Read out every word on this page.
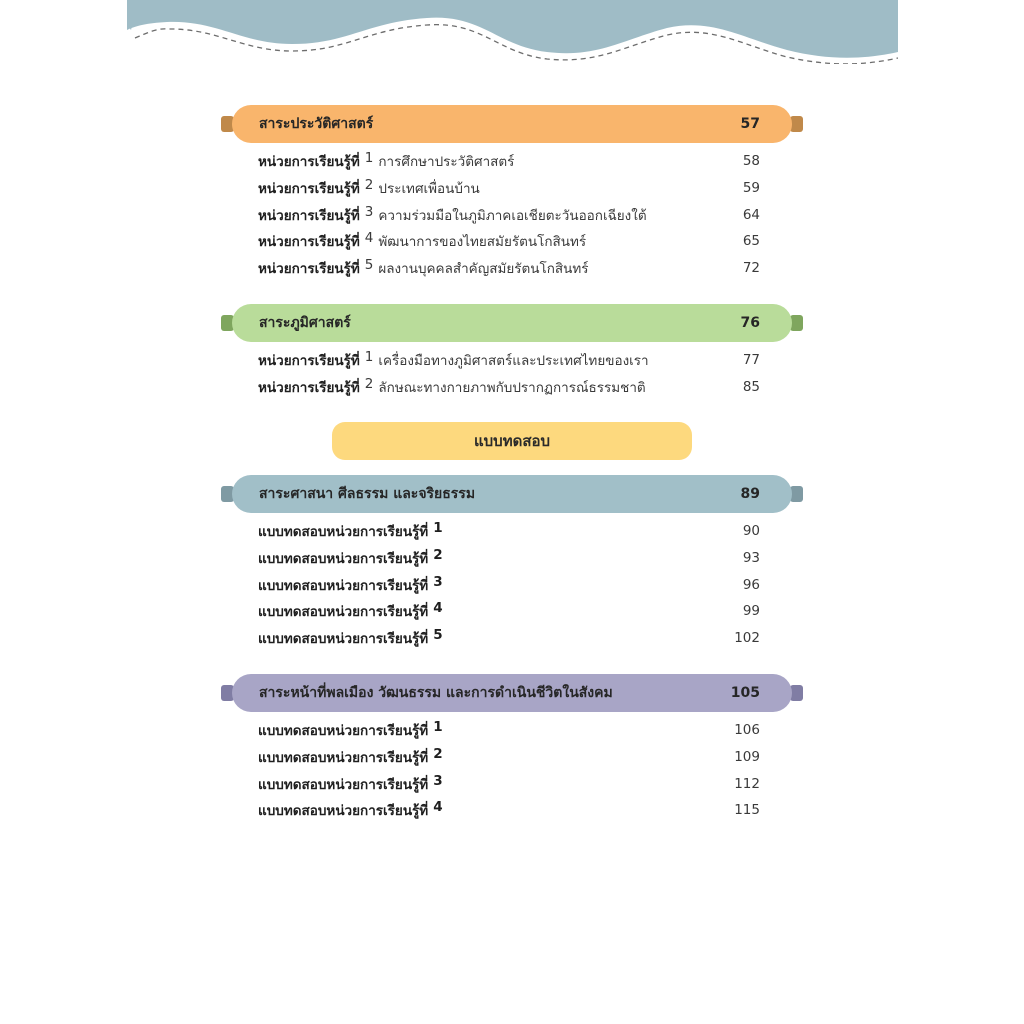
สาระประวัติศาสตร์	57
หน่วยการเรียนรู้ที่ 1 การศึกษาประวัติศาสตร์	58
หน่วยการเรียนรู้ที่ 2 ประเทศเพื่อนบ้าน	59
หน่วยการเรียนรู้ที่ 3 ความร่วมมือในภูมิภาคเอเชียตะวันออกเฉียงใต้	64
หน่วยการเรียนรู้ที่ 4 พัฒนาการของไทยสมัยรัตนโกสินทร์	65
หน่วยการเรียนรู้ที่ 5 ผลงานบุคคลสำคัญสมัยรัตนโกสินทร์	72
สาระภูมิศาสตร์	76
หน่วยการเรียนรู้ที่ 1 เครื่องมือทางภูมิศาสตร์และประเทศไทยของเรา	77
หน่วยการเรียนรู้ที่ 2 ลักษณะทางกายภาพกับปรากฏการณ์ธรรมชาติ	85
แบบทดสอบ
สาระศาสนา ศีลธรรม และจริยธรรม	89
แบบทดสอบหน่วยการเรียนรู้ที่ 1	90
แบบทดสอบหน่วยการเรียนรู้ที่ 2	93
แบบทดสอบหน่วยการเรียนรู้ที่ 3	96
แบบทดสอบหน่วยการเรียนรู้ที่ 4	99
แบบทดสอบหน่วยการเรียนรู้ที่ 5	102
สาระหน้าที่พลเมือง วัฒนธรรม และการดำเนินชีวิตในสังคม	105
แบบทดสอบหน่วยการเรียนรู้ที่ 1	106
แบบทดสอบหน่วยการเรียนรู้ที่ 2	109
แบบทดสอบหน่วยการเรียนรู้ที่ 3	112
แบบทดสอบหน่วยการเรียนรู้ที่ 4	115
